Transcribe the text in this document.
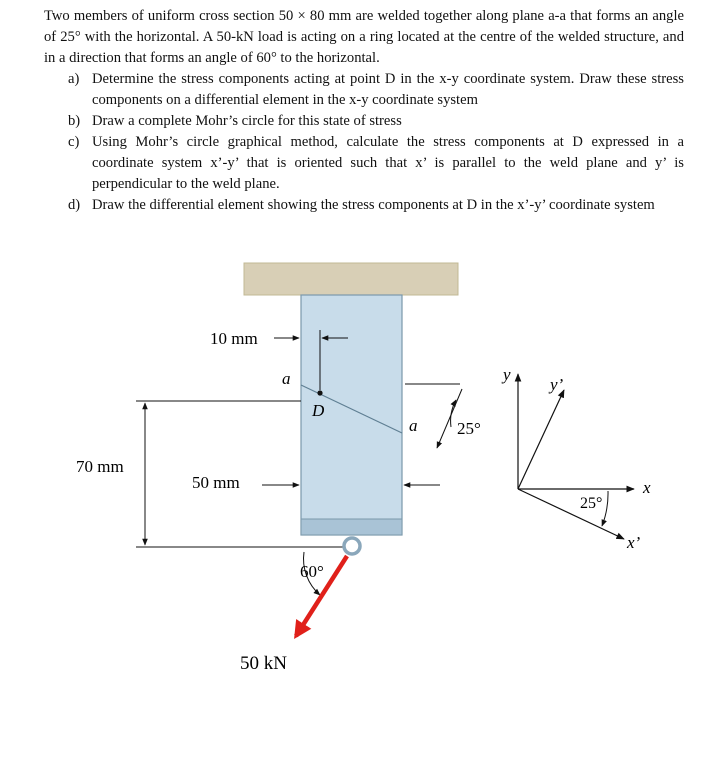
Two members of uniform cross section 50 × 80 mm are welded together along plane a-a that forms an angle of 25° with the horizontal. A 50-kN load is acting on a ring located at the centre of the welded structure, and in a direction that forms an angle of 60° to the horizontal.

a) Determine the stress components acting at point D in the x-y coordinate system. Draw these stress components on a differential element in the x-y coordinate system
b) Draw a complete Mohr’s circle for this state of stress
c) Using Mohr’s circle graphical method, calculate the stress components at D expressed in a coordinate system x’-y’ that is oriented such that x’ is parallel to the weld plane and y’ is perpendicular to the weld plane.
d) Draw the differential element showing the stress components at D in the x’-y’ coordinate system
10 mm
a
D
a
50 mm
70 mm
25°
60°
50 kN
25°
x
y
x’
y’
